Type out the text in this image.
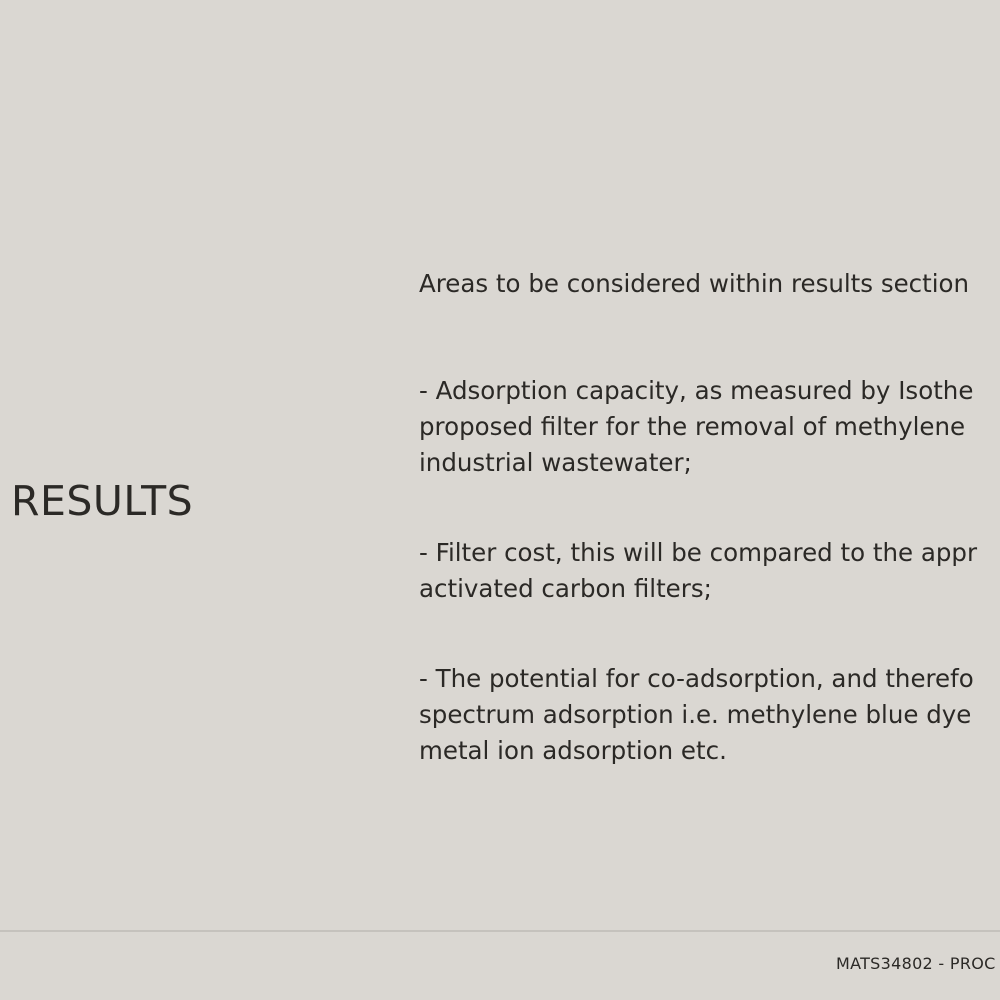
RESULTS

Areas to be considered within results section

- Adsorption capacity, as measured by Isothe

proposed filter for the removal of methylene

industrial wastewater;

- Filter cost, this will be compared to the appr

activated carbon filters;

- The potential for co-adsorption, and therefo

spectrum adsorption i.e. methylene blue dye

metal ion adsorption etc.

MATS34802 - PROC
